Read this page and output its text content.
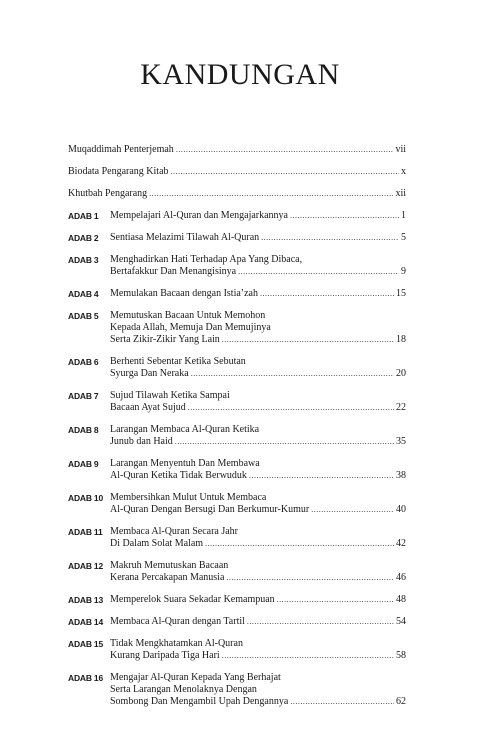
KANDUNGAN
Muqaddimah Penterjemah .....	vii
Biodata Pengarang Kitab .....	x
Khutbah Pengarang .....	xii
ADAB 1	Mempelajari Al-Quran dan Mengajarkannya .....	1
ADAB 2	Sentiasa Melazimi Tilawah Al-Quran .....	5
ADAB 3	Menghadirkan Hati Terhadap Apa Yang Dibaca,
Bertafakkur Dan Menangisinya .....	9
ADAB 4	Memulakan Bacaan dengan Istia’zah .....	15
ADAB 5	Memutuskan Bacaan Untuk Memohon
Kepada Allah, Memuja Dan Memujinya
Serta Zikir-Zikir Yang Lain .....	18
ADAB 6	Berhenti Sebentar Ketika Sebutan
Syurga Dan Neraka .....	20
ADAB 7	Sujud Tilawah Ketika Sampai
Bacaan Ayat Sujud .....	22
ADAB 8	Larangan Membaca Al-Quran Ketika
Junub dan Haid .....	35
ADAB 9	Larangan Menyentuh Dan Membawa
Al-Quran Ketika Tidak Berwuduk .....	38
ADAB 10 Membersihkan Mulut Untuk Membaca
Al-Quran Dengan Bersugi Dan Berkumur-Kumur .....	40
ADAB 11 Membaca Al-Quran Secara Jahr
Di Dalam Solat Malam .....	42
ADAB 12 Makruh Memutuskan Bacaan
Kerana Percakapan Manusia .....	46
ADAB 13 Memperelok Suara Sekadar Kemampuan .....	48
ADAB 14 Membaca Al-Quran dengan Tartil .....	54
ADAB 15 Tidak Mengkhatamkan Al-Quran
Kurang Daripada Tiga Hari .....	58
ADAB 16 Mengajar Al-Quran Kepada Yang Berhajat
Serta Larangan Menolaknya Dengan
Sombong Dan Mengambil Upah Dengannya .....	62
